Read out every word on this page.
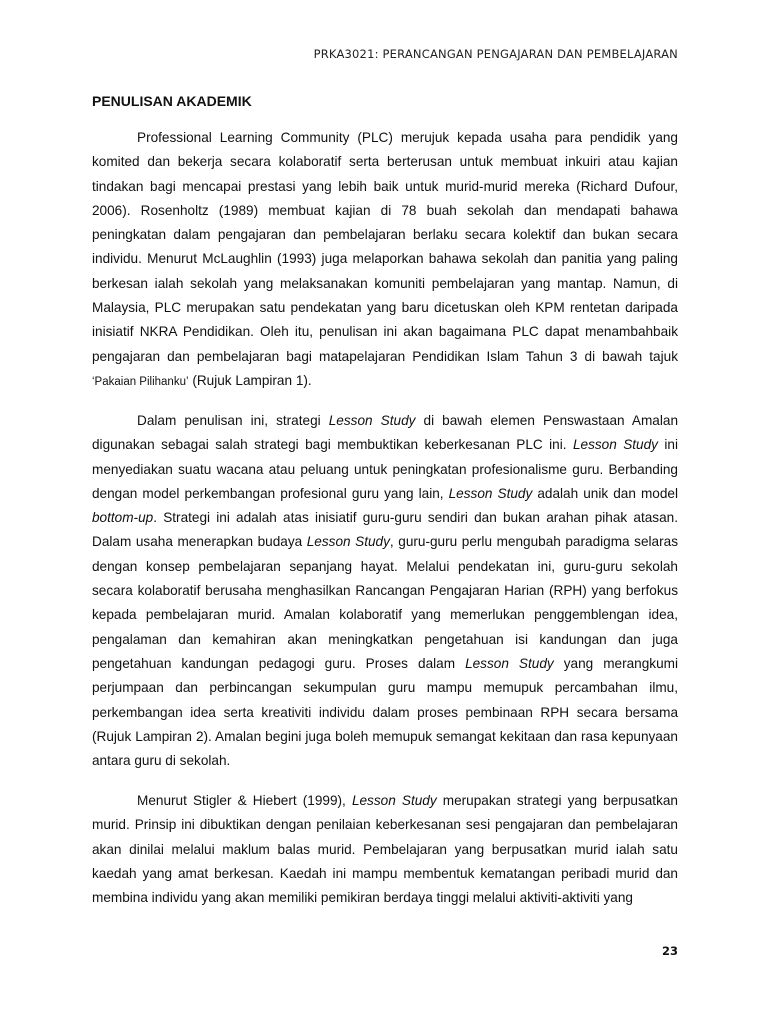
PRKA3021: PERANCANGAN PENGAJARAN DAN PEMBELAJARAN
PENULISAN AKADEMIK

Professional Learning Community (PLC) merujuk kepada usaha para pendidik yang komited dan bekerja secara kolaboratif serta berterusan untuk membuat inkuiri atau kajian tindakan bagi mencapai prestasi yang lebih baik untuk murid-murid mereka (Richard Dufour, 2006). Rosenholtz (1989) membuat kajian di 78 buah sekolah dan mendapati bahawa peningkatan dalam pengajaran dan pembelajaran berlaku secara kolektif dan bukan secara individu. Menurut McLaughlin (1993) juga melaporkan bahawa sekolah dan panitia yang paling berkesan ialah sekolah yang melaksanakan komuniti pembelajaran yang mantap. Namun, di Malaysia, PLC merupakan satu pendekatan yang baru dicetuskan oleh KPM rentetan daripada inisiatif NKRA Pendidikan. Oleh itu, penulisan ini akan bagaimana PLC dapat menambahbaik pengajaran dan pembelajaran bagi matapelajaran Pendidikan Islam Tahun 3 di bawah tajuk ‘Pakaian Pilihanku’ (Rujuk Lampiran 1).

Dalam penulisan ini, strategi Lesson Study di bawah elemen Penswastaan Amalan digunakan sebagai salah strategi bagi membuktikan keberkesanan PLC ini. Lesson Study ini menyediakan suatu wacana atau peluang untuk peningkatan profesionalisme guru. Berbanding dengan model perkembangan profesional guru yang lain, Lesson Study adalah unik dan model bottom-up. Strategi ini adalah atas inisiatif guru-guru sendiri dan bukan arahan pihak atasan. Dalam usaha menerapkan budaya Lesson Study, guru-guru perlu mengubah paradigma selaras dengan konsep pembelajaran sepanjang hayat. Melalui pendekatan ini, guru-guru sekolah secara kolaboratif berusaha menghasilkan Rancangan Pengajaran Harian (RPH) yang berfokus kepada pembelajaran murid. Amalan kolaboratif yang memerlukan penggemblengan idea, pengalaman dan kemahiran akan meningkatkan pengetahuan isi kandungan dan juga pengetahuan kandungan pedagogi guru. Proses dalam Lesson Study yang merangkumi perjumpaan dan perbincangan sekumpulan guru mampu memupuk percambahan ilmu, perkembangan idea serta kreativiti individu dalam proses pembinaan RPH secara bersama (Rujuk Lampiran 2). Amalan begini juga boleh memupuk semangat kekitaan dan rasa kepunyaan antara guru di sekolah.

Menurut Stigler & Hiebert (1999), Lesson Study merupakan strategi yang berpusatkan murid. Prinsip ini dibuktikan dengan penilaian keberkesanan sesi pengajaran dan pembelajaran akan dinilai melalui maklum balas murid. Pembelajaran yang berpusatkan murid ialah satu kaedah yang amat berkesan. Kaedah ini mampu membentuk kematangan peribadi murid dan membina individu yang akan memiliki pemikiran berdaya tinggi melalui aktiviti-aktiviti yang

23
